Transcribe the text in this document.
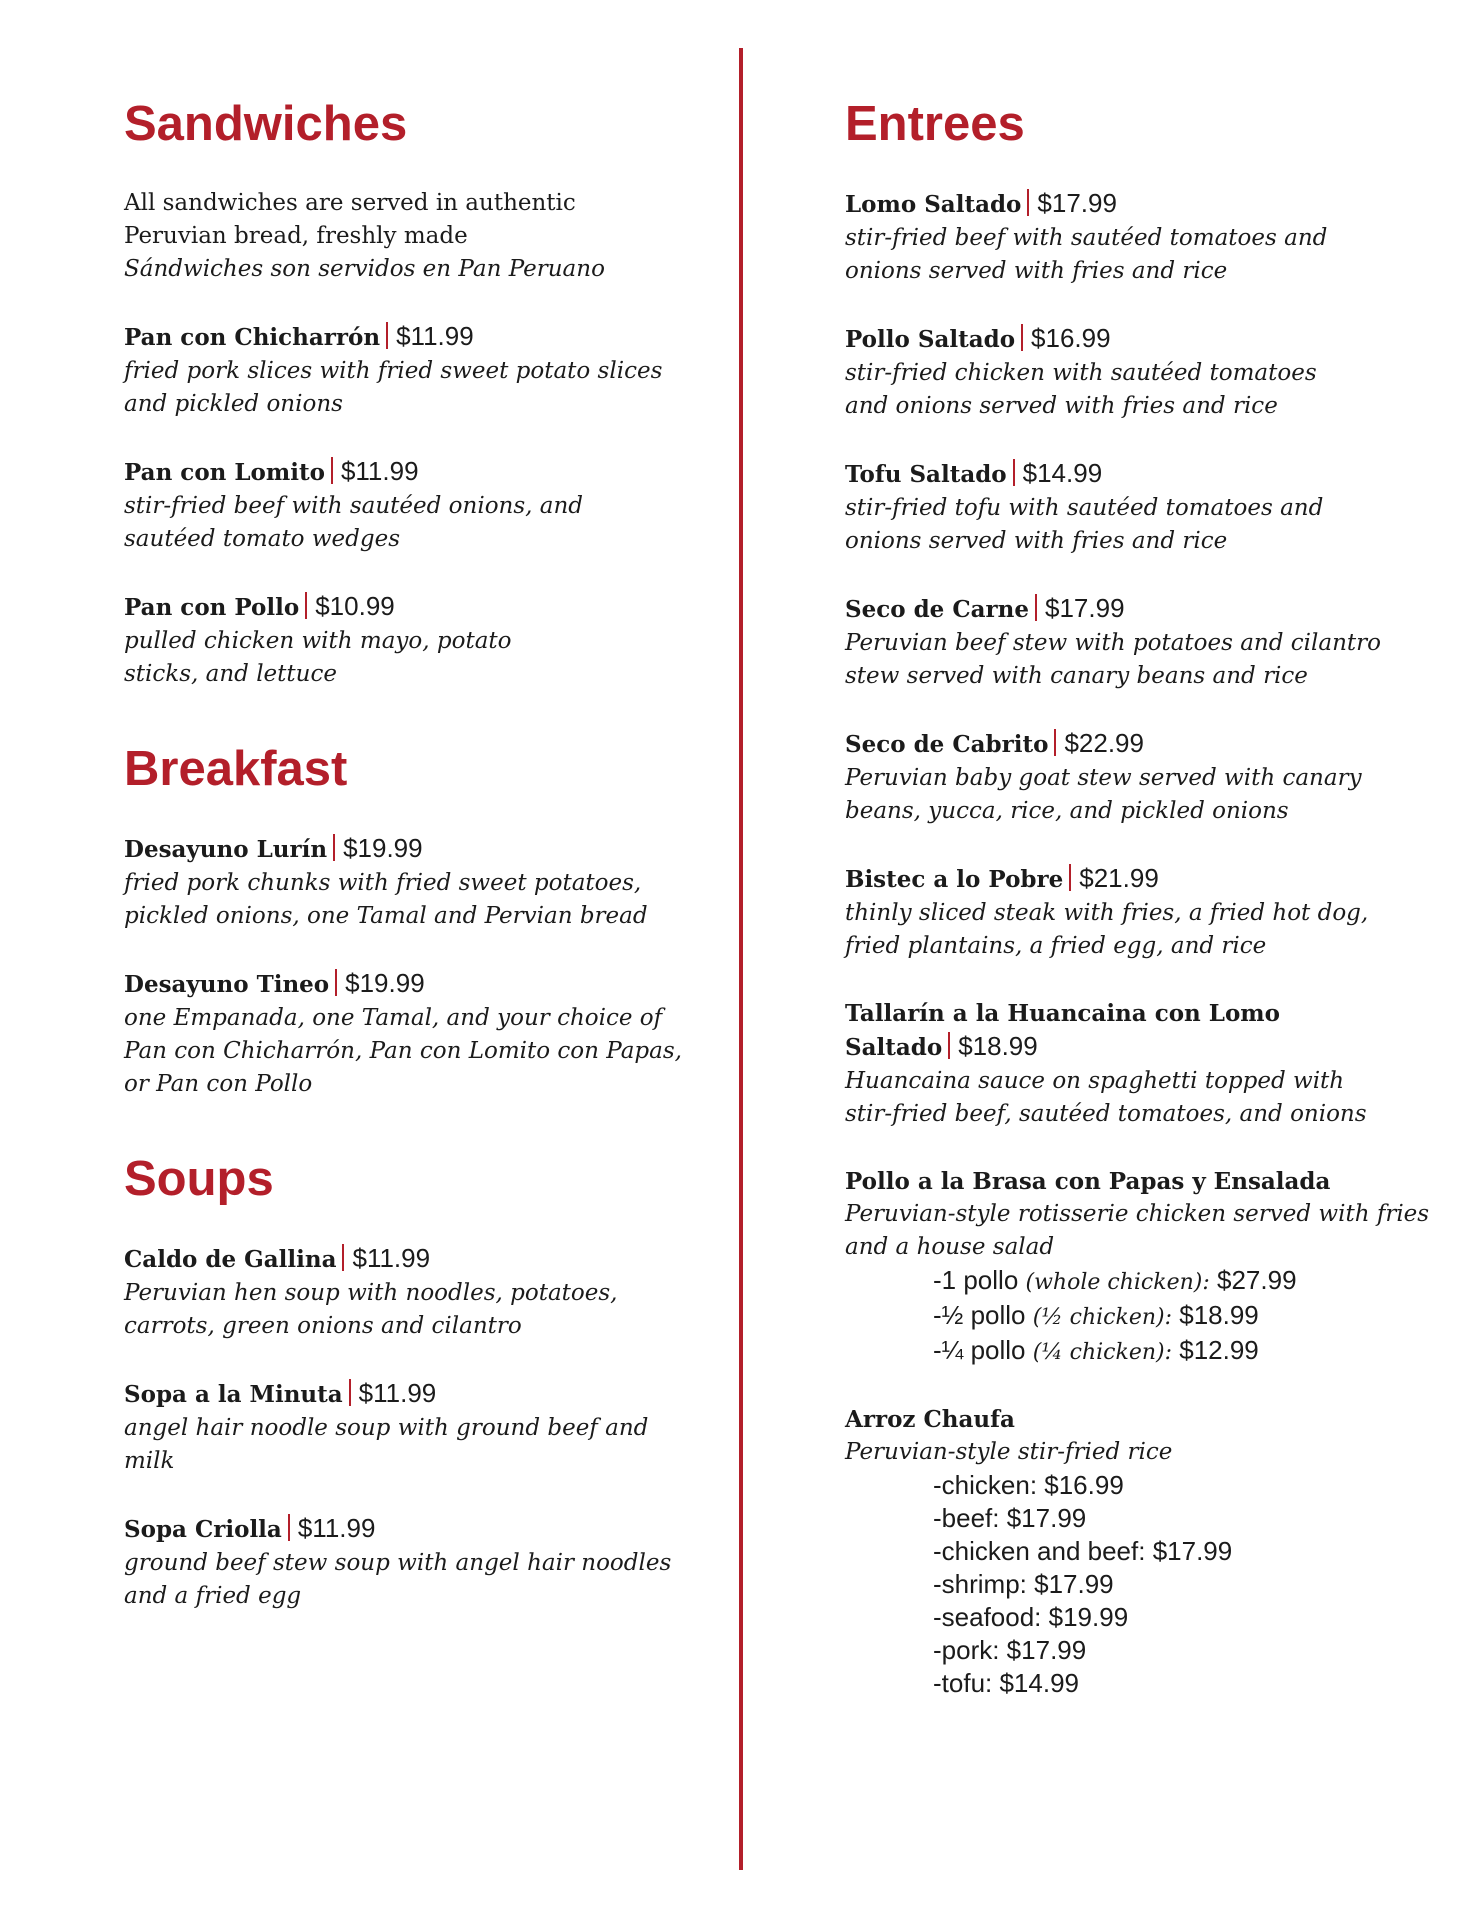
Sandwiches
All sandwiches are served in authentic
Peruvian bread, freshly made
Sándwiches son servidos en Pan Peruano
Pan con Chicharrón $11.99
fried pork slices with fried sweet potato slices
and pickled onions
Pan con Lomito $11.99
stir-fried beef with sautéed onions, and
sautéed tomato wedges
Pan con Pollo $10.99
pulled chicken with mayo, potato
sticks, and lettuce
Breakfast
Desayuno Lurín $19.99
fried pork chunks with fried sweet potatoes,
pickled onions, one Tamal and Pervian bread
Desayuno Tineo $19.99
one Empanada, one Tamal, and your choice of
Pan con Chicharrón, Pan con Lomito con Papas,
or Pan con Pollo
Soups
Caldo de Gallina $11.99
Peruvian hen soup with noodles, potatoes,
carrots, green onions and cilantro
Sopa a la Minuta $11.99
angel hair noodle soup with ground beef and milk
Sopa Criolla $11.99
ground beef stew soup with angel hair noodles
and a fried egg
Entrees
Lomo Saltado $17.99
stir-fried beef with sautéed tomatoes and
onions served with fries and rice
Pollo Saltado $16.99
stir-fried chicken with sautéed tomatoes
and onions served with fries and rice
Tofu Saltado $14.99
stir-fried tofu with sautéed tomatoes and
onions served with fries and rice
Seco de Carne $17.99
Peruvian beef stew with potatoes and cilantro
stew served with canary beans and rice
Seco de Cabrito $22.99
Peruvian baby goat stew served with canary
beans, yucca, rice, and pickled onions
Bistec a lo Pobre $21.99
thinly sliced steak with fries, a fried hot dog,
fried plantains, a fried egg, and rice
Tallarín a la Huancaina con Lomo
Saltado $18.99
Huancaina sauce on spaghetti topped with
stir-fried beef, sautéed tomatoes, and onions
Pollo a la Brasa con Papas y Ensalada
Peruvian-style rotisserie chicken served with fries
and a house salad
-1 pollo (whole chicken): $27.99
-½ pollo (½ chicken): $18.99
-¼ pollo (¼ chicken): $12.99
Arroz Chaufa
Peruvian-style stir-fried rice
-chicken: $16.99
-beef: $17.99
-chicken and beef: $17.99
-shrimp: $17.99
-seafood: $19.99
-pork: $17.99
-tofu: $14.99
